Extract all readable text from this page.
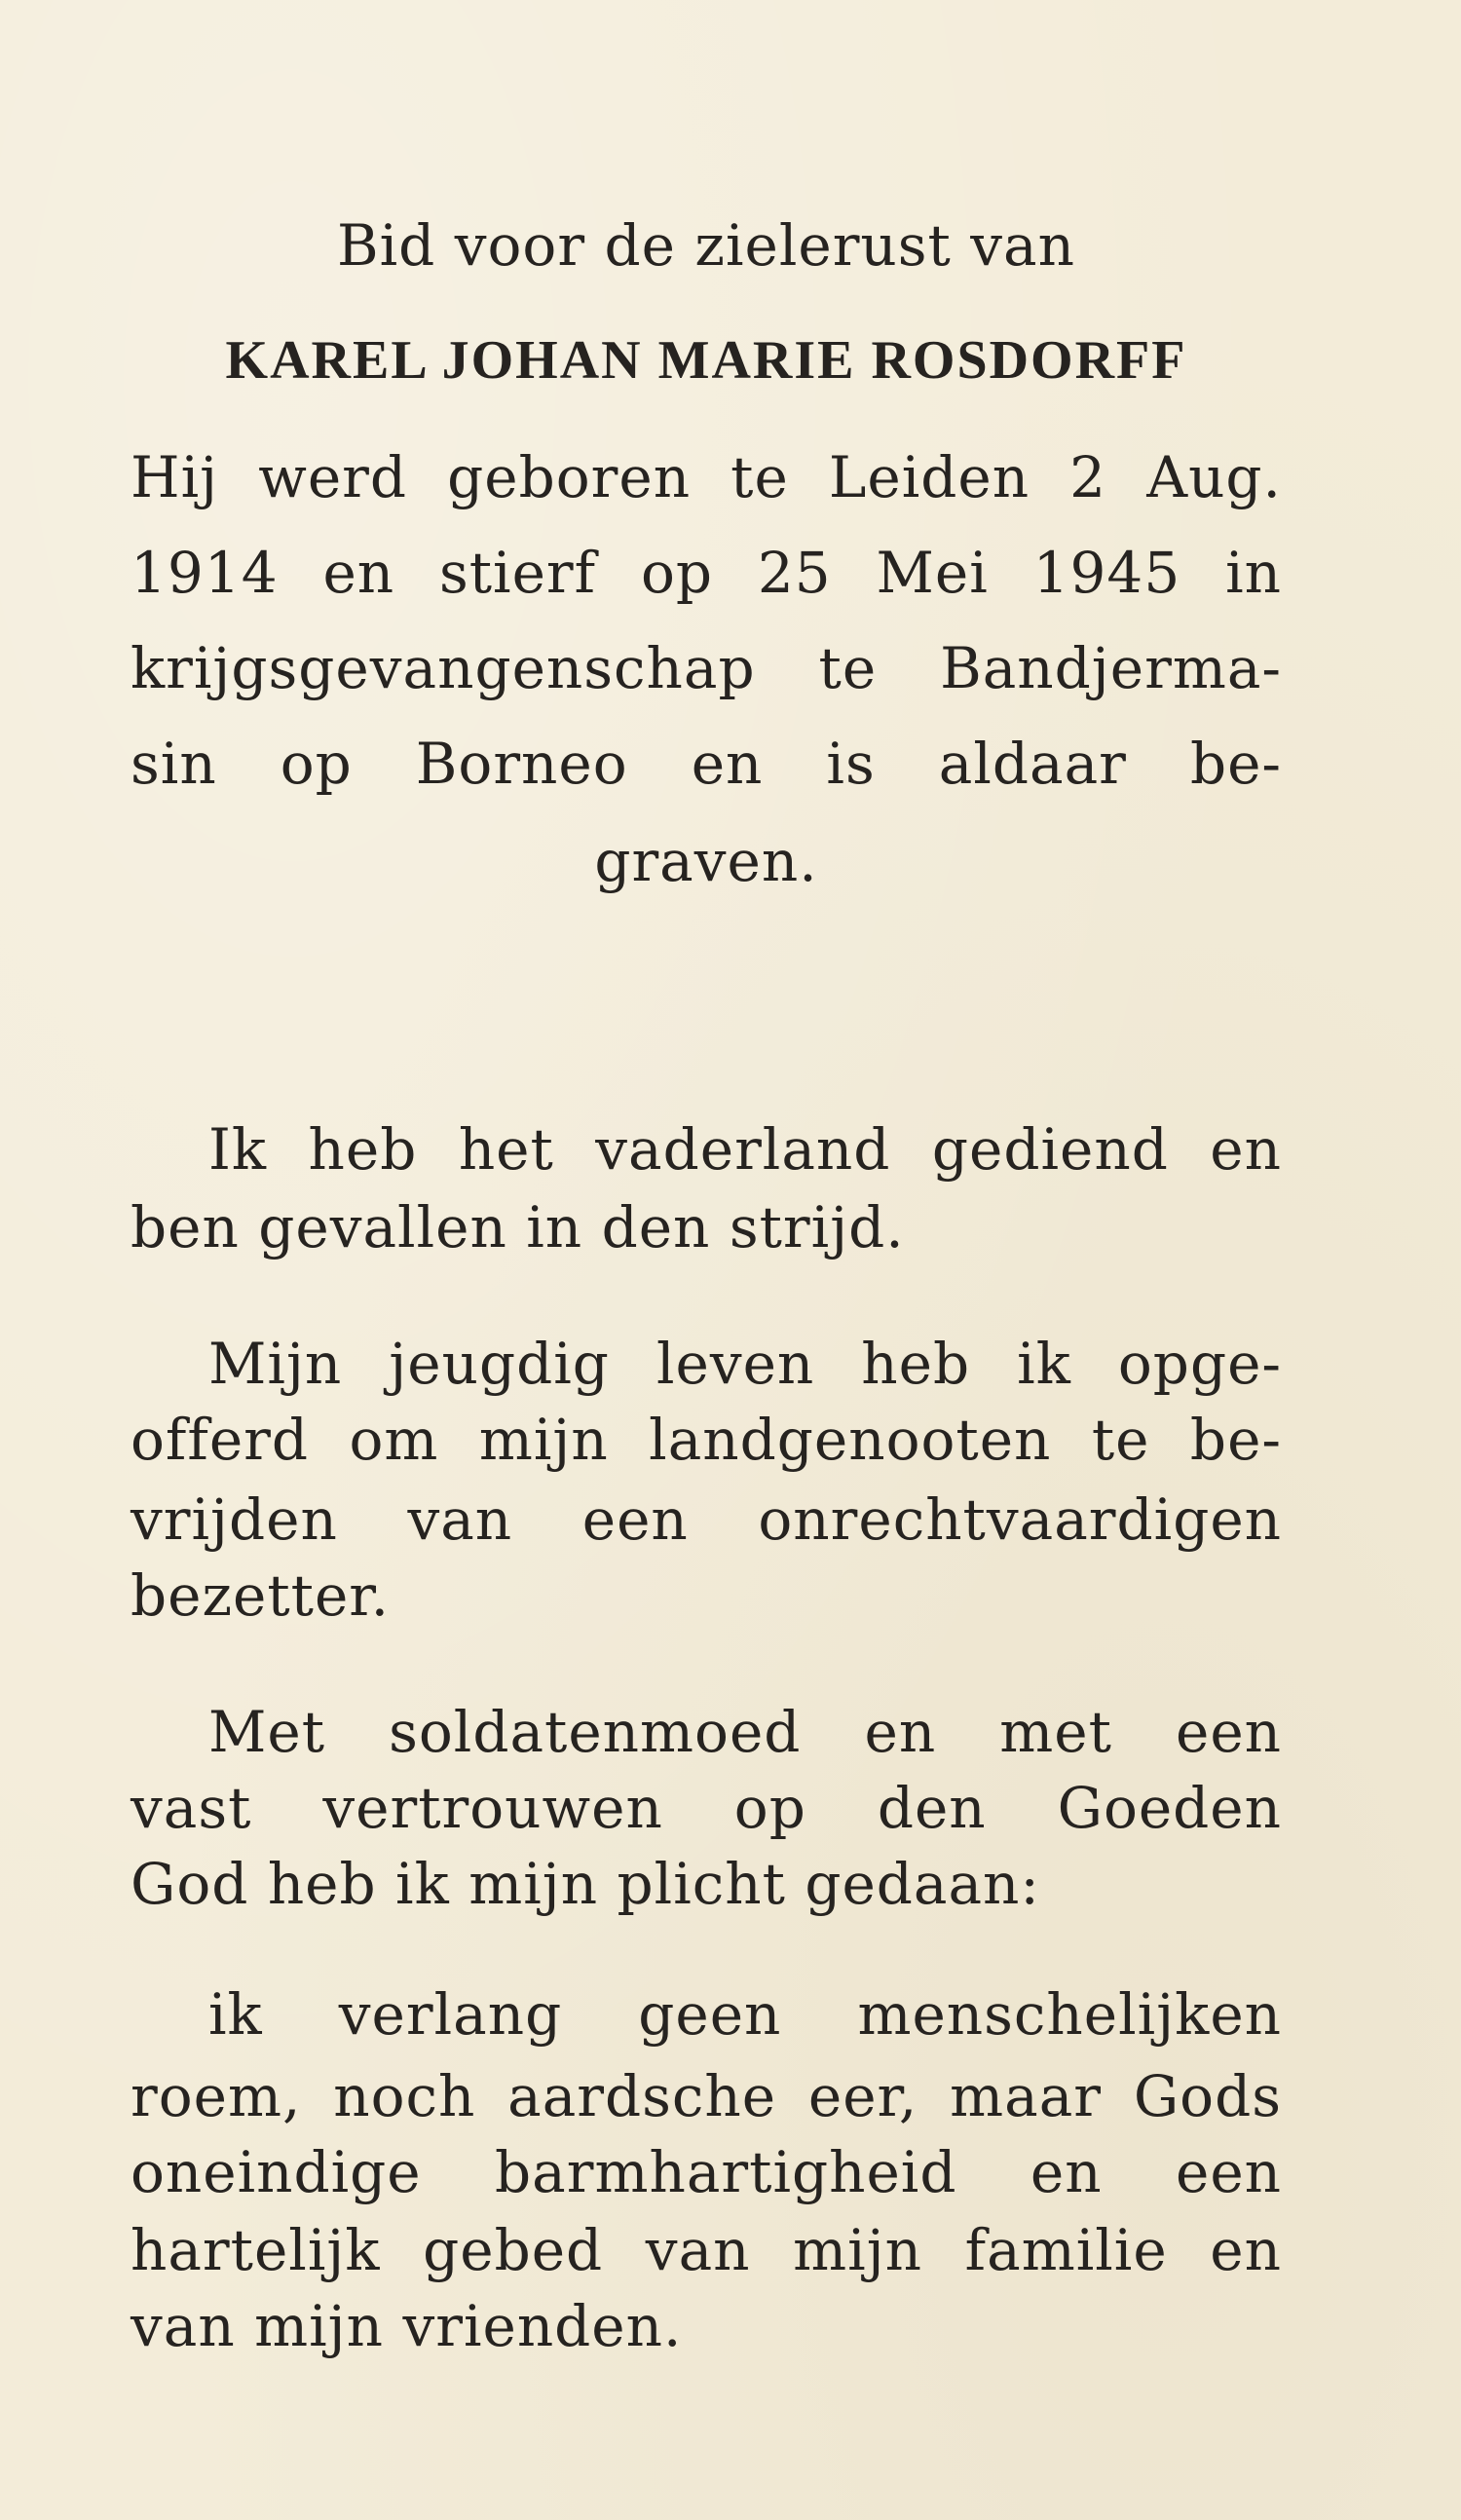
Bid voor de zielerust van
KAREL JOHAN MARIE ROSDORFF
Hij werd geboren te Leiden 2 Aug.
1914 en stierf op 25 Mei 1945 in
krijgsgevangenschap te Bandjerma-
sin op Borneo en is aldaar be-
graven.
Ik heb het vaderland gediend en
ben gevallen in den strijd.
Mijn jeugdig leven heb ik opge-
offerd om mijn landgenooten te be-
vrijden van een onrechtvaardigen
bezetter.
Met soldatenmoed en met een
vast vertrouwen op den Goeden
God heb ik mijn plicht gedaan:
ik verlang geen menschelijken
roem, noch aardsche eer, maar Gods
oneindige barmhartigheid en een
hartelijk gebed van mijn familie en
van mijn vrienden.
